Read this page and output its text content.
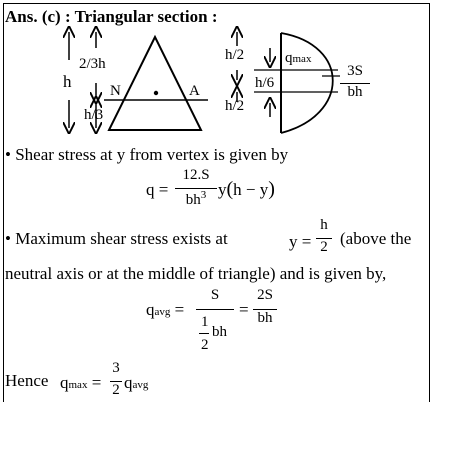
Ans. (c) : Triangular section :
h
2/3h
h/3
N	A
h/2
h/6
h/2
qmax
3S
bh
• Shear stress at y from vertex is given by
q =
12.S
$bh^3$ y(h − y)
• Maximum shear stress exists at	y =
h
2 (above the
neutral axis or at the middle of triangle) and is given by,
qavg =
S
1
2
bh
=
2S
bh
Hence qmax =
3
2 qavg
